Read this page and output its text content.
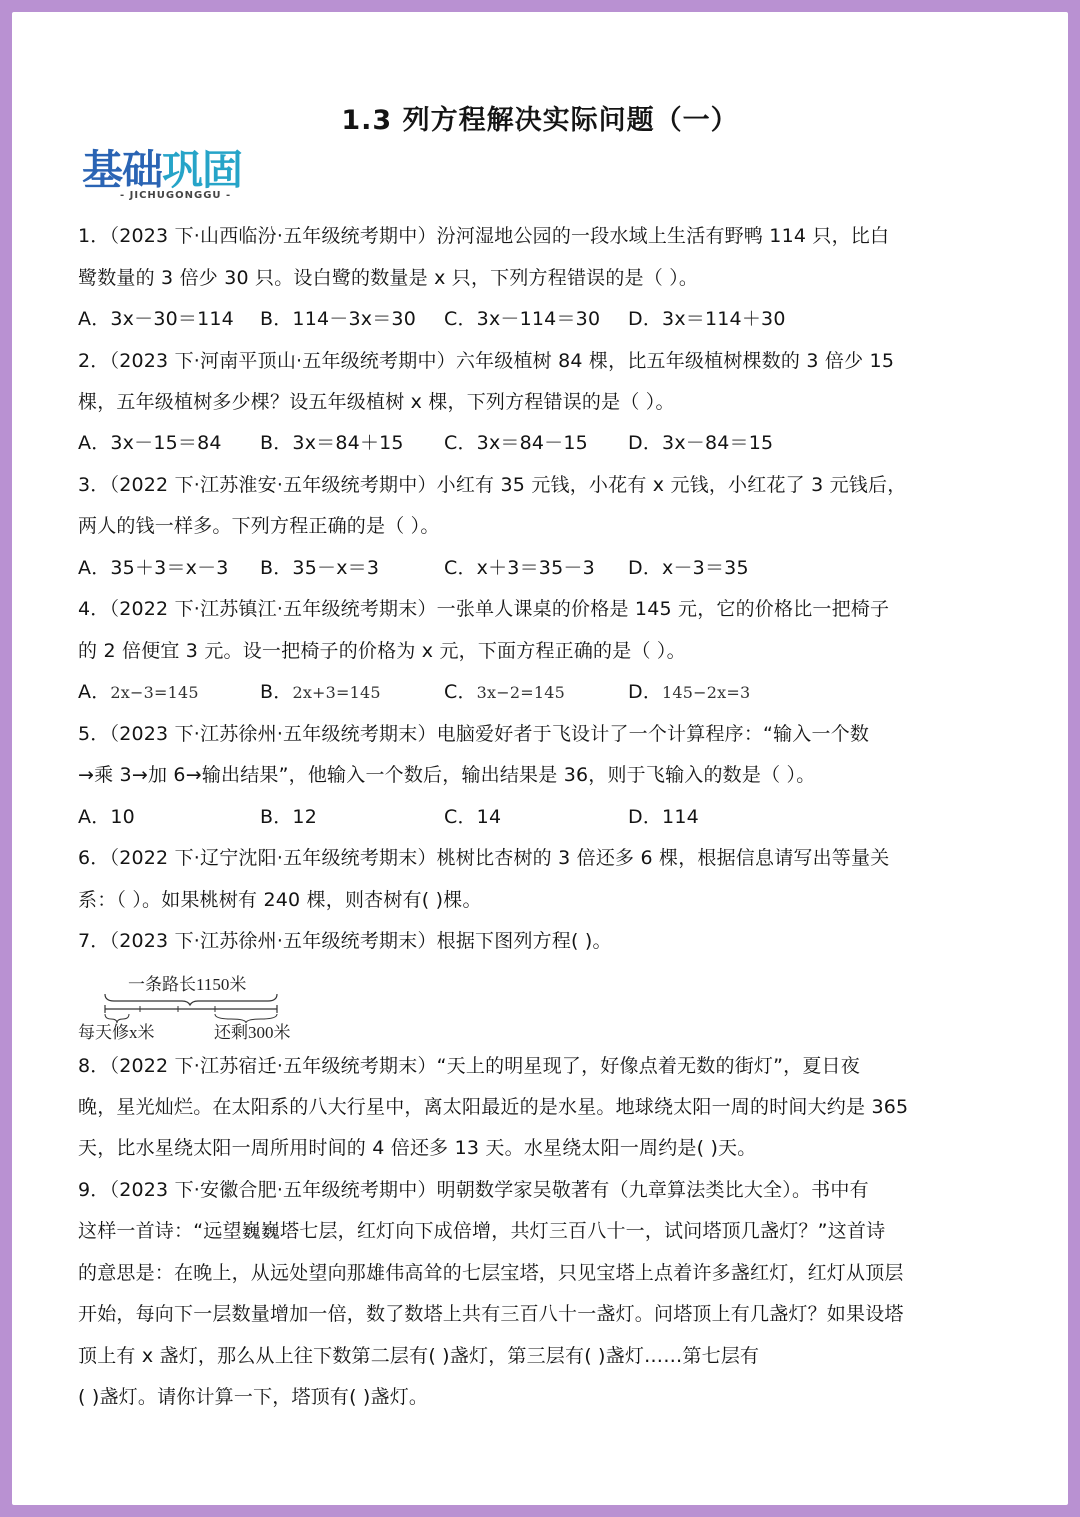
1.3 列方程解决实际问题（一）
基础巩固
- JICHUGONGGU -
1．（2023 下·山西临汾·五年级统考期中）汾河湿地公园的一段水域上生活有野鸭 114 只，比白
鹭数量的 3 倍少 30 只。设白鹭的数量是 x 只，下列方程错误的是（ ）。
A．3x－30＝114 B．114－3x＝30 C．3x－114＝30 D．3x＝114＋30
2．（2023 下·河南平顶山·五年级统考期中）六年级植树 84 棵，比五年级植树棵数的 3 倍少 15
棵，五年级植树多少棵？设五年级植树 x 棵，下列方程错误的是（ ）。
A．3x－15＝84 B．3x＝84＋15 C．3x＝84－15 D．3x－84＝15
3．（2022 下·江苏淮安·五年级统考期中）小红有 35 元钱，小花有 x 元钱，小红花了 3 元钱后，
两人的钱一样多。下列方程正确的是（ ）。
A．35＋3＝x－3 B．35－x＝3	C．x＋3＝35－3 D．x－3＝35
4．（2022 下·江苏镇江·五年级统考期末）一张单人课桌的价格是 145 元，它的价格比一把椅子
的 2 倍便宜 3 元。设一把椅子的价格为 x 元，下面方程正确的是（ ）。
A．2x−3=145	B．2x+3=145	C．3x−2=145	D．145−2x=3
5．（2023 下·江苏徐州·五年级统考期末）电脑爱好者于飞设计了一个计算程序：“输入一个数
→乘 3→加 6→输出结果”，他输入一个数后，输出结果是 36，则于飞输入的数是（ ）。
A．10	B．12	C．14	D．114
6．（2022 下·辽宁沈阳·五年级统考期末）桃树比杏树的 3 倍还多 6 棵，根据信息请写出等量关
系：（ ）。如果桃树有 240 棵，则杏树有( )棵。
7．（2023 下·江苏徐州·五年级统考期末）根据下图列方程( )。
一条路长1150米
每天修x米	还剩300米
8．（2022 下·江苏宿迁·五年级统考期末）“天上的明星现了，好像点着无数的街灯”，夏日夜
晚，星光灿烂。在太阳系的八大行星中，离太阳最近的是水星。地球绕太阳一周的时间大约是 365
天，比水星绕太阳一周所用时间的 4 倍还多 13 天。水星绕太阳一周约是( )天。
9．（2023 下·安徽合肥·五年级统考期中）明朝数学家吴敬著有（九章算法类比大全）。书中有
这样一首诗：“远望巍巍塔七层，红灯向下成倍增，共灯三百八十一，试问塔顶几盏灯？”这首诗
的意思是：在晚上，从远处望向那雄伟高耸的七层宝塔，只见宝塔上点着许多盏红灯，红灯从顶层
开始，每向下一层数量增加一倍，数了数塔上共有三百八十一盏灯。问塔顶上有几盏灯？如果设塔
顶上有 x 盏灯，那么从上往下数第二层有( )盏灯，第三层有( )盏灯……第七层有
( )盏灯。请你计算一下，塔顶有( )盏灯。
